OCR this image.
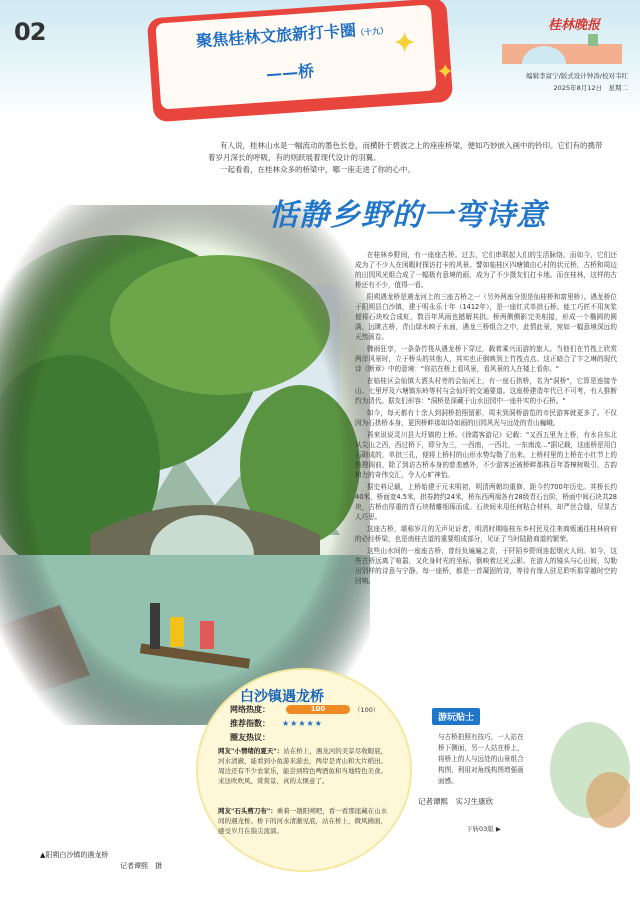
02	聚焦桂林文旅新打卡圈（十九）
——桥
✦
✦
桂林晚报
编辑李富宁/版式设计钟涛/校对韦红
2025年8月12日　星期二

有人说，桂林山水是一幅流动的墨色长卷，而横卧于碧波之上的座座桥梁，便如巧妙嵌入画中的钤印。它们有的携带着岁月深长的呼吸，有的则跃展着现代设计的羽翼。

一起看看，在桂林众多的桥梁中，哪一座走进了你的心中。

恬静乡野的一弯诗意

在桂林乡野间，有一座座古桥。过去，它们串联起人们的生活脉络。而如今，它们还成为了不少人在闲暇时探访打卡的风景。譬如临桂区四塘镇由心村的状元桥，古桥和周边的田园风光组合成了一幅极有意境的画，成为了不少摄友们打卡地。而在桂林，这样的古桥还有不少，值得一看。

阳朔遇龙桥是遇龙河上的三座古桥之一（另外两座分别是仙桂桥和富里桥）。遇龙桥位于阳朔县白沙镇，建于明永乐十年（1412年），是一座红式单拱石桥。能工巧匠不用灰浆便将石块咬合成虹，数百年风雨也撼解其拱。桥两侧侧影完美相接，形成一个椭圆的圆满，远眺古桥，青山绿水映于水面，遇龙三桥组合之中，此情此景，宛如一幅意境深远的天然画卷。

骤雨狂享，一条条竹筏从遇龙桥下穿过，载着乘兴而游的旅人。当他们在竹筏上欣赏两岸风景时，立于桥头的其他人，其实也正倒映到上竹筏点点。这正暗合了卞之琳的现代诗《断章》中的意境："你站在桥上看风景，看风景的人在楼上看你。"

在临桂区会仙镇大洒头村旁的会仙河上，有一座石拱桥，名为"洞桥"，它算是连接寺山、七里坪及六塘镇东岭等村与会仙圩的交通要道。这座桥建造年代已不可考，有人推断约为清代。据友们形容："洞桥是深藏于山水田园中一座朴实的小石桥。"

如今，每天都有十余人到洞桥拍照留影，周末到洞桥游览的市民游客就更多了。不仅因为石拱桥本身，更因桥畔那如诗如画的田园风光与远处的青山巍峨。

再来说说灵川县大圩镇的上桥。《徐霞客游记》记载："又西五里为上桥，有水自东北从尖山之西，西过桥下，即分为三，一西南，一西北，一东南流..."据记载，这座桥是用白石砌成的，单拱三孔，便将上桥村的山形水势勾勒了出来。上桥村里的上桥在小红节上的热搜阁前，除了到访古桥本身的慈悲感外，不少游客还被桥畔那株百年香樟树吸引，古韵和力的奇伟交汇，令人心旷神怡。

据史料记载，上桥始建于元末明初，明清两朝均重修，距今约700年历史。其桥长约40米，桥面宽4.5米，拱券跨约24米，桥东西两端各有28级青石台阶，桥面中间石块共28块，古桥由厚重的青石块精雕细琢而成。石块间未用任何粘合材料，却严丝合缝，尽显古人巧思。

这座古桥，堪称岁月的无声见证者，明清时期临桂东乡村民及往来商贩通往桂林府府的必经桥梁，也是南桂古道的重要组成部分，见证了当时陆路商道的繁荣。

这些山水间的一座座古桥，曾经负遍遍之责，于阡陌乡野间连起烟火人间。如今，这些古桥远离了喧嚣，又化身时光的坐标，倒映着过光云影。在游人的镜头与心田间，勾勒出别样的诗意与宁静。每一座桥，都是一首凝固的诗，等待有缘人驻足聆听那穿越时空的回响。

白沙镇遇龙桥
网络热度：	100	（100）
推荐指数： ★★★★★
圈友热议：
网友"小情绪的夏天"：站在桥上，遇龙河的美景尽收眼底，河水清澈，能看到小鱼游来游去，两岸是青山和大片稻田。周边还有不少农家乐，能尝到特色啤酒鱼和当地特色美食。来这吹吹风、赏赏景，真的太惬意了。
网友"石头剪刀布"：乘着一趟阳朔吧，看一看那座藏在山水间的遇龙桥。桥下的河水清澈见底，站在桥上，微风拂面，感受岁月在指尖流淌。
游玩贴士
与古桥拍照有技巧，一人站在桥下侧面，另一人站在桥上，将桥上的人与远处的山景组合构图，利用对角线构图增强画面感。
记者谭熙　实习生康欣
下转03版 ▶
▲阳朔白沙镇的遇龙桥
记者谭熙　摄
